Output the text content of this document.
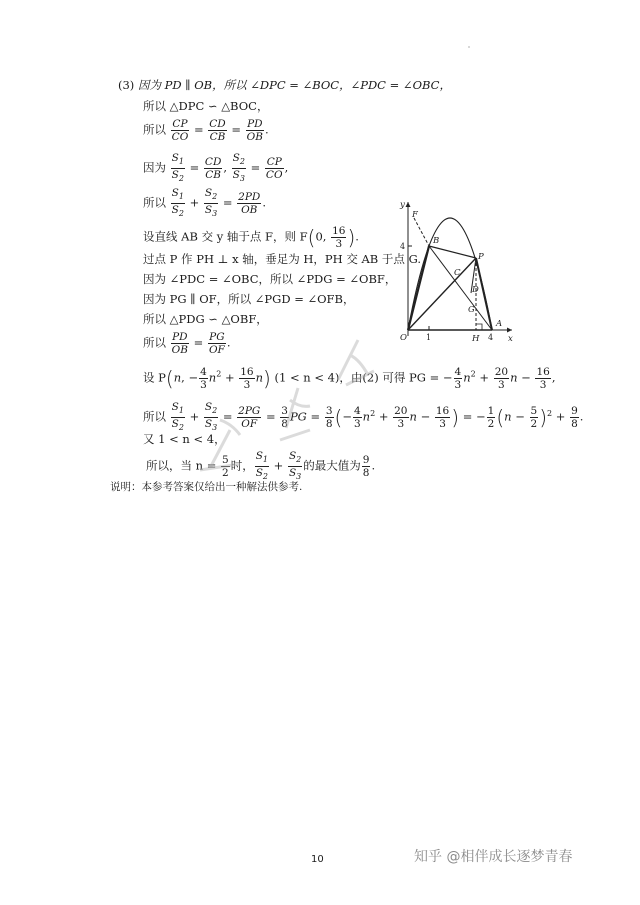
(3) 因为 PD ∥ OB，所以 ∠DPC = ∠BOC，∠PDC = ∠OBC，
所以 △DPC ∽ △BOC，
所以 $\frac{CP}{CO} = \frac{CD}{CB} = \frac{PD}{OB}$ .
因为 $\frac{S_1}{S_2} = \frac{CD}{CB}$ , $\frac{S_2}{S_3} = \frac{CP}{CO}$ ,
所以 $\frac{S_1}{S_2} + \frac{S_2}{S_3} = \frac{2PD}{OB}$ .
设直线 AB 交 y 轴于点 F，则 F(0, $\frac{16}{3}$ ).
过点 P 作 PH ⊥ x 轴，垂足为 H，PH 交 AB 于点 G.
因为 ∠PDC = ∠OBC，所以 ∠PDG = ∠OBF，
因为 PG ∥ OF，所以 ∠PGD = ∠OFB，
所以 △PDG ∽ △OBF，
所以 $\frac{PD}{OB} = \frac{PG}{OF}$ .
设 P(n, − $\frac{4}{3} n^2 + \frac{16}{3} n$) (1 < n < 4)，由(2) 可得 PG = − $\frac{4}{3} n^2 + \frac{20}{3}$ $n - \frac{16}{3}$ ,
所以 $\frac{S_1}{S_2} + \frac{S_2}{S_3} = \frac{2PG}{OF} = \frac{3}{8}$ PG = $\frac{3}{8}$ (− $\frac{4}{3} n^2 + \frac{20}{3}$ $n - \frac{16}{3}$ ) = − $\frac{1}{2} (n - \frac{5}{2} )^2 + \frac{9}{8}$ .
又 1 < n < 4，
所以，当 $n = \frac{5}{2}$ 时， $\frac{S_1}{S_2} + \frac{S_2}{S_3}$ 的最大值为 $\frac{9}{8}$ .
说明：本参考答案仅给出一种解法供参考.
y
x
F
B
P
C
D
G
O	H
A
1	4
4
10	知乎 @相伴成长逐梦青春
